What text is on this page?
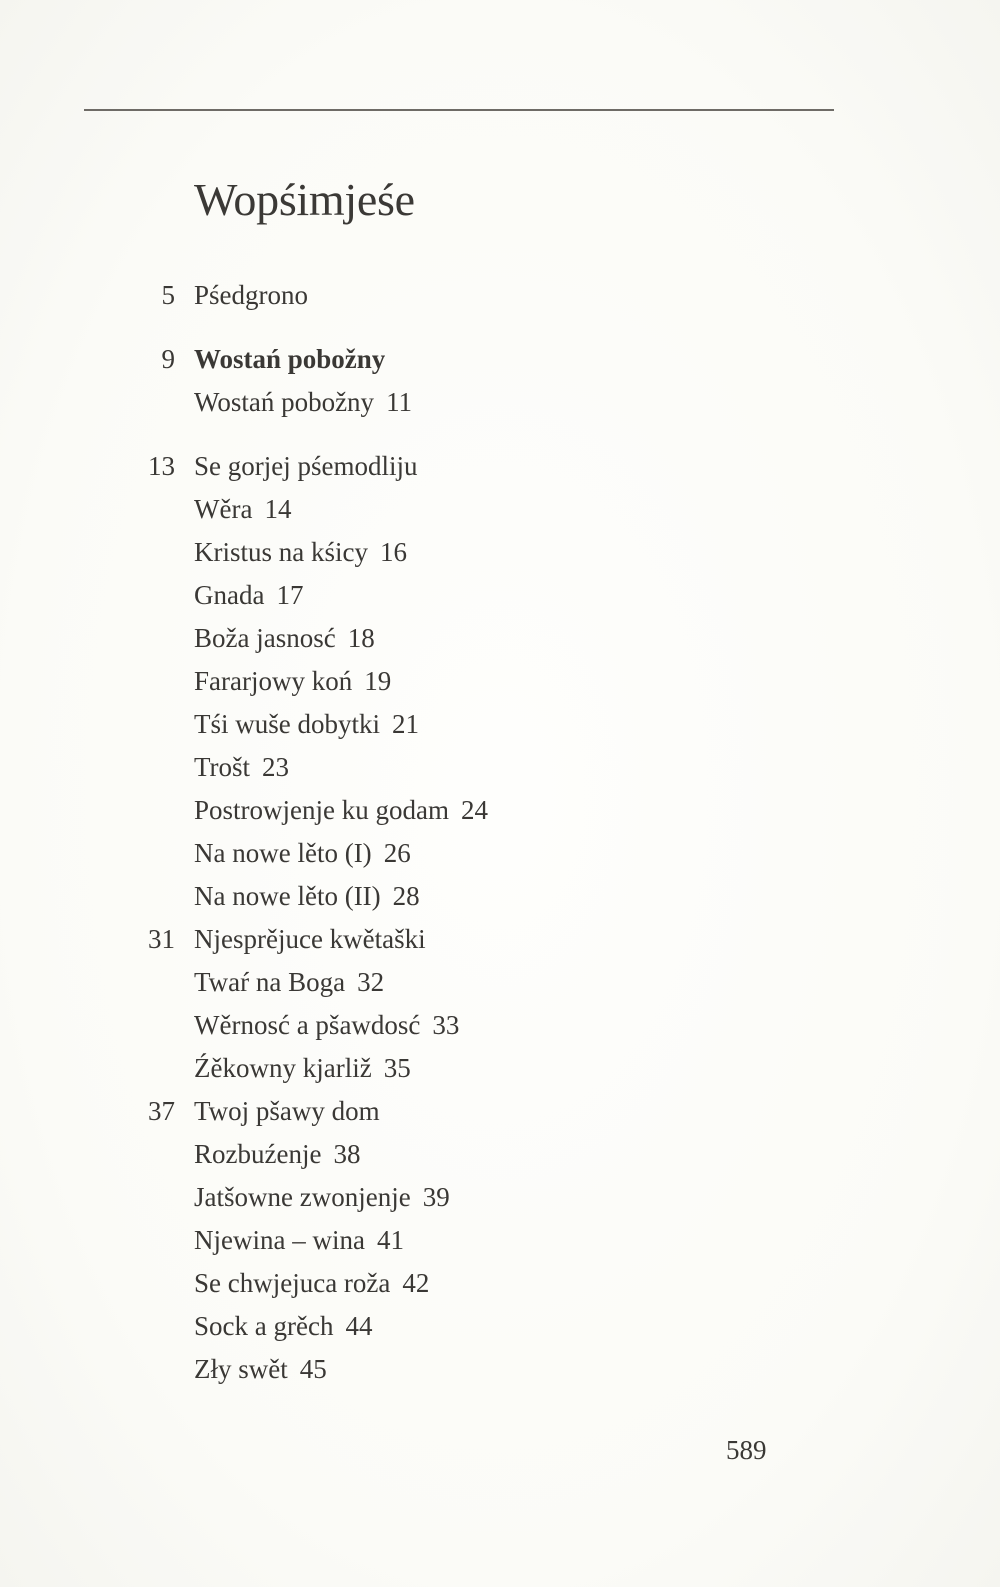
Wopśimjeśe
5 Pśedgrono
9 Wostań pobožny
Wostań pobožny 11
13 Se gorjej pśemodliju
Wěra 14
Kristus na kśicy 16
Gnada 17
Boža jasnosć 18
Fararjowy koń 19
Tśi wuše dobytki 21
Trošt 23
Postrowjenje ku godam 24
Na nowe lěto (I) 26
Na nowe lěto (II) 28
31 Njesprějuce kwětaški
Twaŕ na Boga 32
Wěrnosć a pšawdosć 33
Źěkowny kjarliž 35
37 Twoj pšawy dom
Rozbuźenje 38
Jatšowne zwonjenje 39
Njewina – wina 41
Se chwjejuca roža 42
Sock a grěch 44
Zły swět 45
589
